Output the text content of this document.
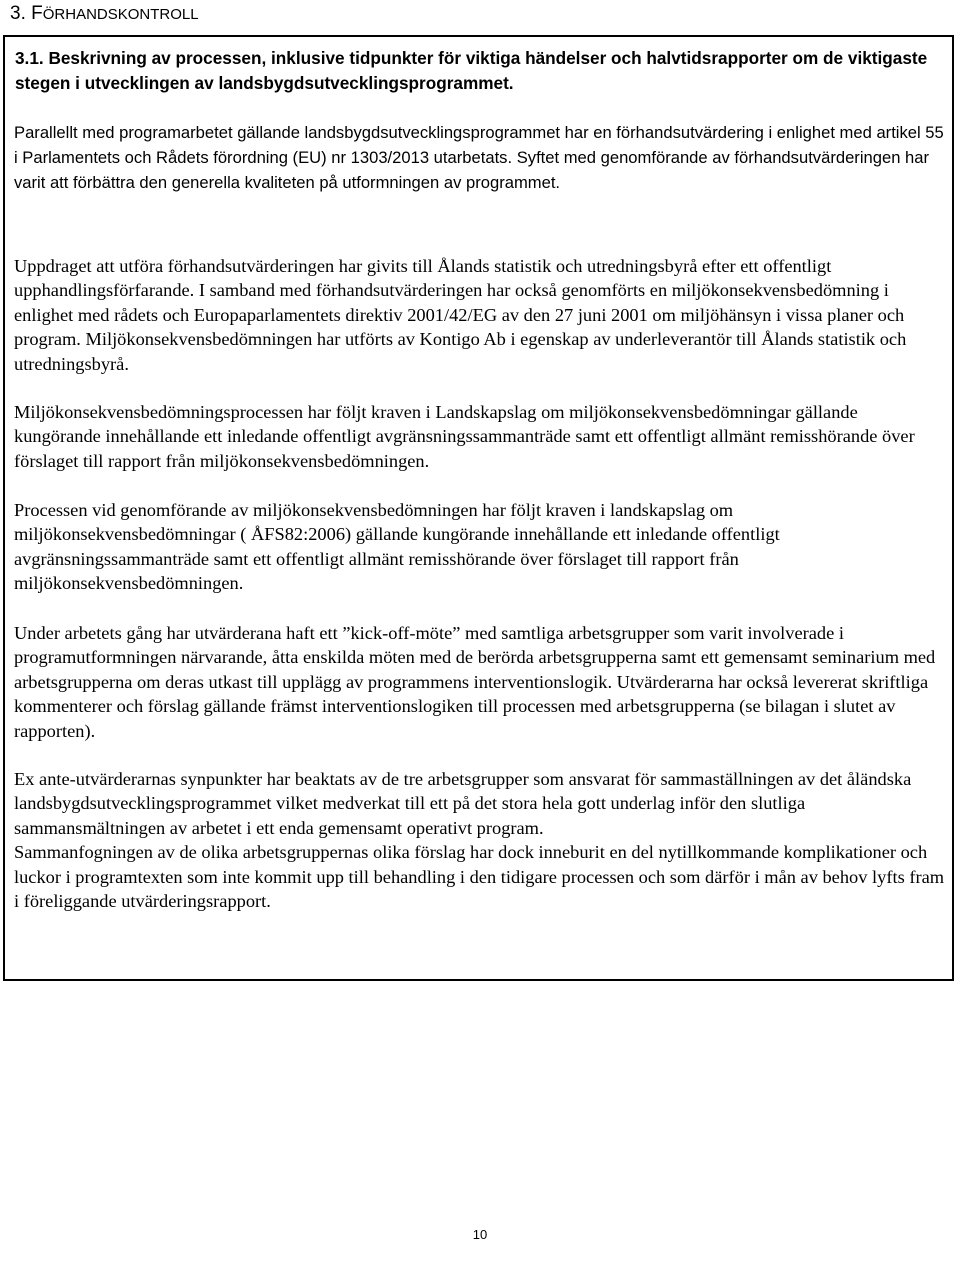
3. FÖRHANDSKONTROLL
3.1. Beskrivning av processen, inklusive tidpunkter för viktiga händelser och halvtidsrapporter om de viktigaste stegen i utvecklingen av landsbygdsutvecklingsprogrammet.

Parallellt med programarbetet gällande landsbygdsutvecklingsprogrammet har en förhandsutvärdering i enlighet med artikel 55 i Parlamentets och Rådets förordning (EU) nr 1303/2013 utarbetats. Syftet med genomförande av förhandsutvärderingen har varit att förbättra den generella kvaliteten på utformningen av programmet.

Uppdraget att utföra förhandsutvärderingen har givits till Ålands statistik och utredningsbyrå efter ett offentligt upphandlingsförfarande. I samband med förhandsutvärderingen har också genomförts en miljökonsekvensbedömning i enlighet med rådets och Europaparlamentets direktiv 2001/42/EG av den 27 juni 2001 om miljöhänsyn i vissa planer och program. Miljökonsekvensbedömningen har utförts av Kontigo Ab i egenskap av underleverantör till Ålands statistik och utredningsbyrå.

Miljökonsekvensbedömningsprocessen har följt kraven i Landskapslag om miljökonsekvensbedömningar gällande kungörande innehållande ett inledande offentligt avgränsningssammanträde samt ett offentligt allmänt remisshörande över förslaget till rapport från miljökonsekvensbedömningen.

Processen vid genomförande av miljökonsekvensbedömningen har följt kraven i landskapslag om miljökonsekvensbedömningar ( ÅFS82:2006) gällande kungörande innehållande ett inledande offentligt avgränsningssammanträde samt ett offentligt allmänt remisshörande över förslaget till rapport från miljökonsekvensbedömningen.

Under arbetets gång har utvärderana haft ett ”kick-off-möte” med samtliga arbetsgrupper som varit involverade i programutformningen närvarande, åtta enskilda möten med de berörda arbetsgrupperna samt ett gemensamt seminarium med arbetsgrupperna om deras utkast till upplägg av programmens interventionslogik. Utvärderarna har också levererat skriftliga kommenterer och förslag gällande främst interventionslogiken till processen med arbetsgrupperna (se bilagan i slutet av rapporten).

Ex ante-utvärderarnas synpunkter har beaktats av de tre arbetsgrupper som ansvarat för sammaställningen av det åländska landsbygdsutvecklingsprogrammet vilket medverkat till ett på det stora hela gott underlag inför den slutliga sammansmältningen av arbetet i ett enda gemensamt operativt program.
Sammanfogningen av de olika arbetsgruppernas olika förslag har dock inneburit en del nytillkommande komplikationer och luckor i programtexten som inte kommit upp till behandling i den tidigare processen och som därför i mån av behov lyfts fram i föreliggande utvärderingsrapport.
10
